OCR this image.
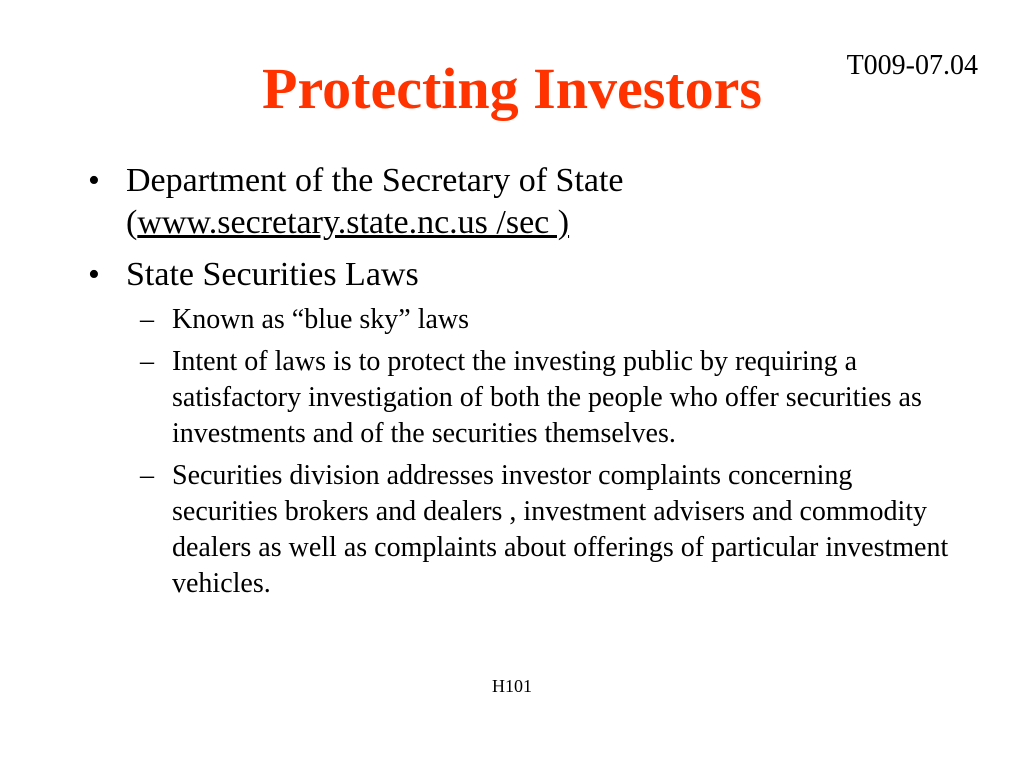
T009-07.04
Protecting Investors
• Department of the Secretary of State
(www.secretary.state.nc.us /sec )
• State Securities Laws
– Known as “blue sky” laws
– Intent of laws is to protect the investing public by requiring a satisfactory investigation of both the people who offer securities as investments and of the securities themselves.
– Securities division addresses investor complaints concerning securities brokers and dealers , investment advisers and commodity dealers as well as complaints about offerings of particular investment vehicles.
H101
